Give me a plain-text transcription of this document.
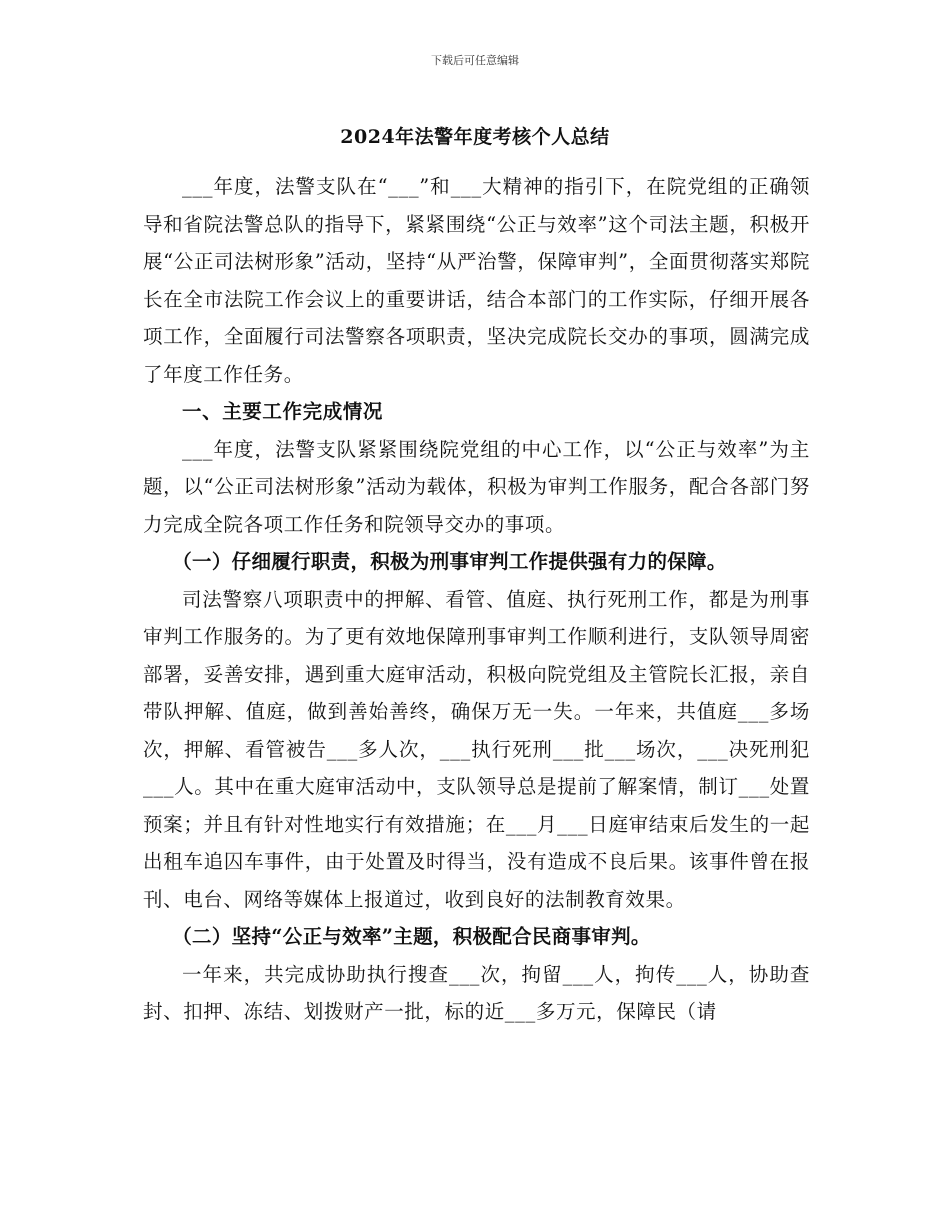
下载后可任意编辑
2024年法警年度考核个人总结

___年度，法警支队在“___”和___大精神的指引下，在院党组的正确领导和省院法警总队的指导下，紧紧围绕“公正与效率”这个司法主题，积极开展“公正司法树形象”活动，坚持“从严治警，保障审判”，全面贯彻落实郑院长在全市法院工作会议上的重要讲话，结合本部门的工作实际，仔细开展各项工作，全面履行司法警察各项职责，坚决完成院长交办的事项，圆满完成了年度工作任务。

一、主要工作完成情况

___年度，法警支队紧紧围绕院党组的中心工作，以“公正与效率”为主题，以“公正司法树形象”活动为载体，积极为审判工作服务，配合各部门努力完成全院各项工作任务和院领导交办的事项。

（一）仔细履行职责，积极为刑事审判工作提供强有力的保障。

司法警察八项职责中的押解、看管、值庭、执行死刑工作，都是为刑事审判工作服务的。为了更有效地保障刑事审判工作顺利进行，支队领导周密部署，妥善安排，遇到重大庭审活动，积极向院党组及主管院长汇报，亲自带队押解、值庭，做到善始善终，确保万无一失。一年来，共值庭___多场次，押解、看管被告___多人次，___执行死刑___批___场次，___决死刑犯___人。其中在重大庭审活动中，支队领导总是提前了解案情，制订___处置预案；并且有针对性地实行有效措施；在___月___日庭审结束后发生的一起出租车追囚车事件，由于处置及时得当，没有造成不良后果。该事件曾在报刊、电台、网络等媒体上报道过，收到良好的法制教育效果。

（二）坚持“公正与效率”主题，积极配合民商事审判。

一年来，共完成协助执行搜查___次，拘留___人，拘传___人，协助查封、扣押、冻结、划拨财产一批，标的近___多万元，保障民（请
